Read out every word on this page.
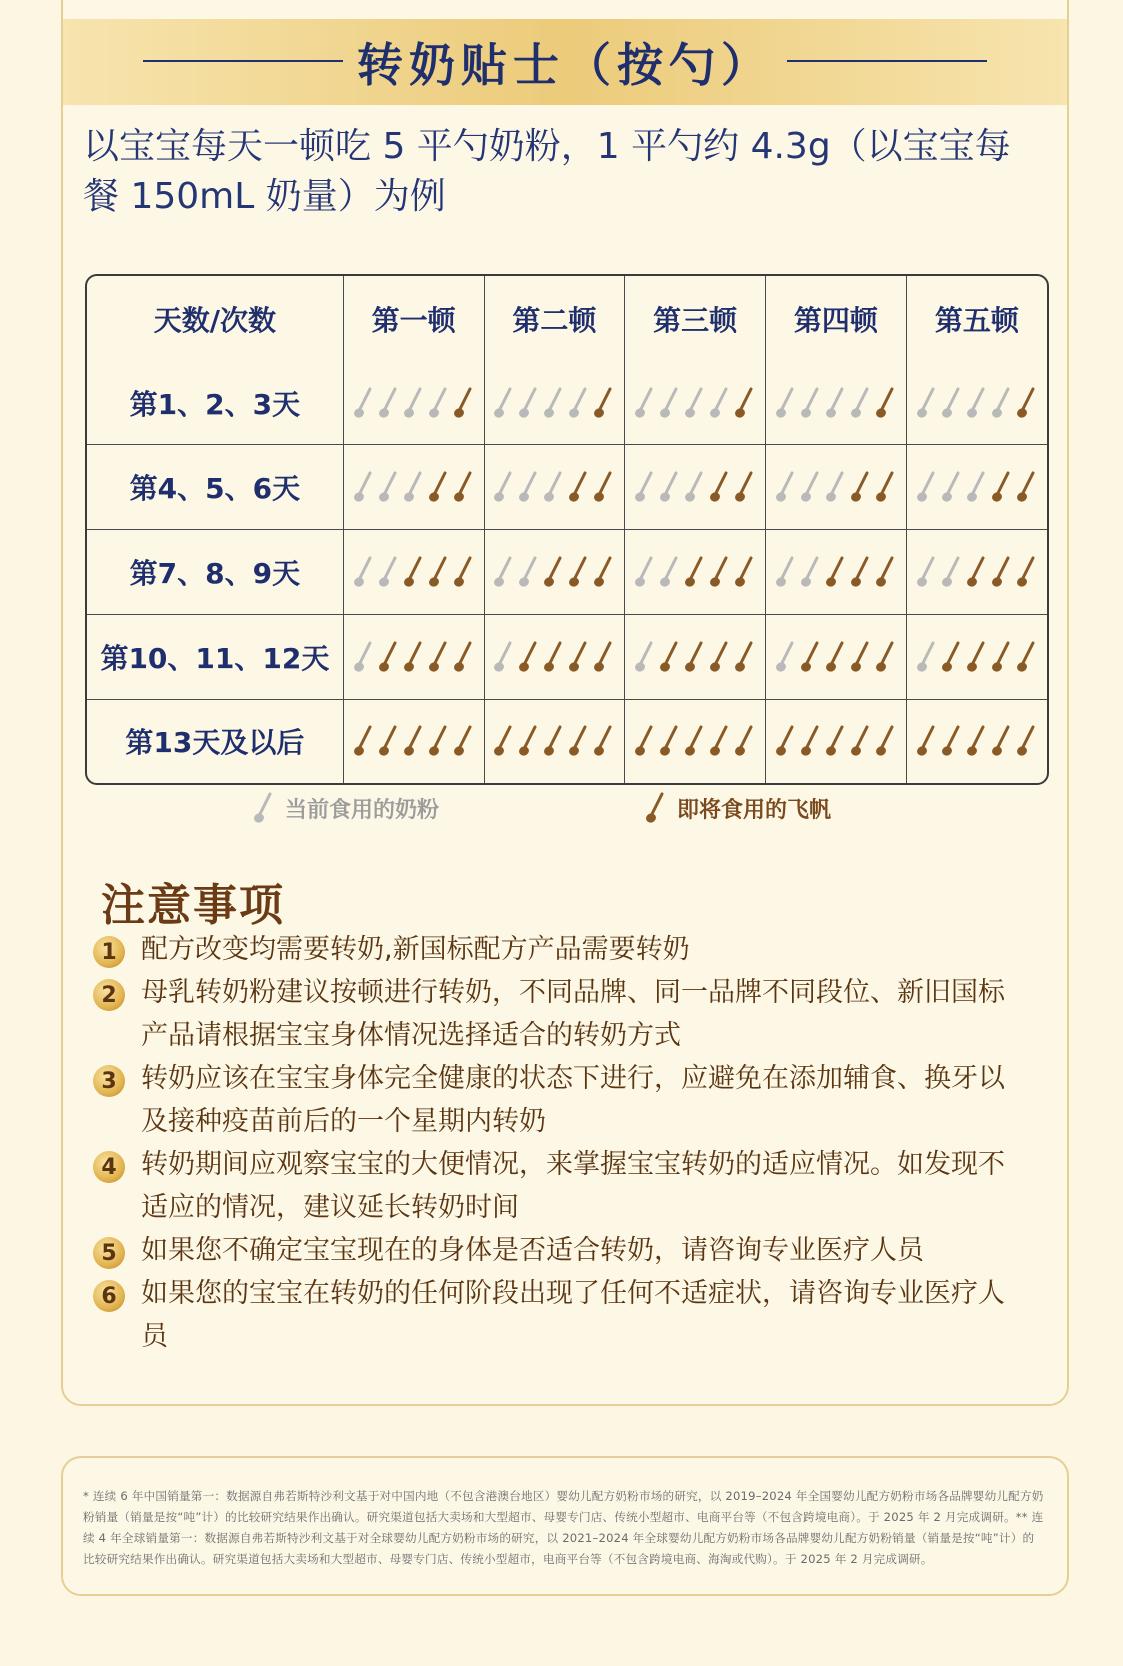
转奶贴士（按勺）

以宝宝每天一顿吃 5 平勺奶粉，1 平勺约 4.3g（以宝宝每餐 150mL 奶量）为例

天数/次数	第一顿	第二顿	第三顿	第四顿	第五顿
第1、2、3天	

第4、5、6天	

第7、8、9天	

第10、11、12天	

第13天及以后	

当前食用的奶粉	即将食用的飞帆
注意事项
1 配方改变均需要转奶,新国标配方产品需要转奶
2 母乳转奶粉建议按顿进行转奶，不同品牌、同一品牌不同段位、新旧国标产品请根据宝宝身体情况选择适合的转奶方式
3 转奶应该在宝宝身体完全健康的状态下进行，应避免在添加辅食、换牙以及接种疫苗前后的一个星期内转奶
4 转奶期间应观察宝宝的大便情况，来掌握宝宝转奶的适应情况。如发现不适应的情况，建议延长转奶时间
5 如果您不确定宝宝现在的身体是否适合转奶，请咨询专业医疗人员
6 如果您的宝宝在转奶的任何阶段出现了任何不适症状，请咨询专业医疗人员

* 连续 6 年中国销量第一：数据源自弗若斯特沙利文基于对中国内地（不包含港澳台地区）婴幼儿配方奶粉市场的研究，以 2019–2024 年全国婴幼儿配方奶粉市场各品牌婴幼儿配方奶粉销量（销量是按“吨”计）的比较研究结果作出确认。研究渠道包括大卖场和大型超市、母婴专门店、传统小型超市、电商平台等（不包含跨境电商）。于 2025 年 2 月完成调研。** 连续 4 年全球销量第一：数据源自弗若斯特沙利文基于对全球婴幼儿配方奶粉市场的研究，以 2021–2024 年全球婴幼儿配方奶粉市场各品牌婴幼儿配方奶粉销量（销量是按“吨”计）的比较研究结果作出确认。研究渠道包括大卖场和大型超市、母婴专门店、传统小型超市，电商平台等（不包含跨境电商、海淘或代购）。于 2025 年 2 月完成调研。
